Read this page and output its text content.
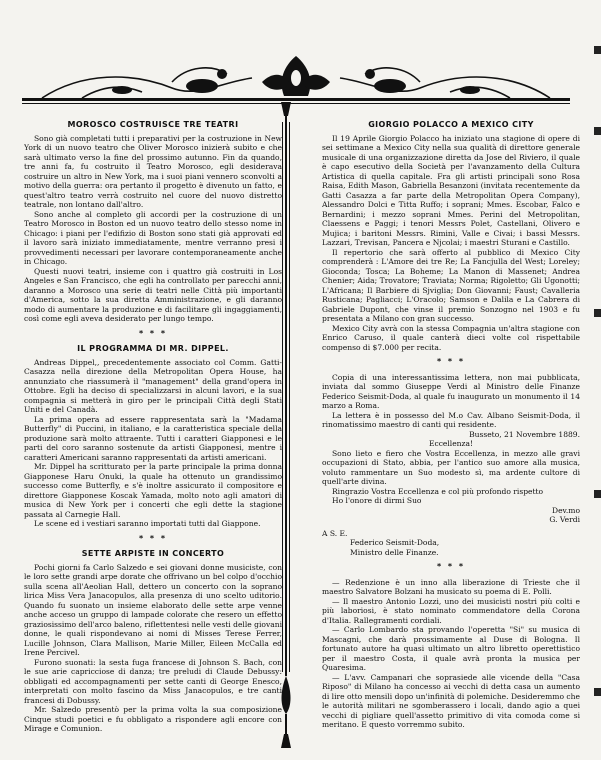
MOROSCO COSTRUISCE TRE TEATRI

Sono già completati tutti i preparativi per la costruzione in New York di un nuovo teatro che Oliver Morosco inizierà subito e che sarà ultimato verso la fine del prossimo autunno. Fin da quando, tre anni fa, fu costruito il Teatro Morosco, egli desiderava costruire un altro in New York, ma i suoi piani vennero sconvolti a motivo della guerra: ora pertanto il progetto è divenuto un fatto, e quest'altro teatro verrà costruito nel cuore del nuovo distretto teatrale, non lontano dall'altro.

Sono anche al completo gli accordi per la costruzione di un Teatro Morosco in Boston ed un nuovo teatro dello stesso nome in Chicago: i piani per l'edifizio di Boston sono stati già approvati ed il lavoro sarà iniziato immediatamente, mentre verranno presi i provvedimenti necessari per lavorare contemporaneamente anche in Chicago.

Questi nuovi teatri, insieme con i quattro già costruiti in Los Angeles e San Francisco, che egli ha controllato per parecchi anni, daranno a Morosco una serie di teatri nelle Città più importanti d'America, sotto la sua diretta Amministrazione, e gli daranno modo di aumentare la produzione e di facilitare gli ingaggiamenti, così come egli aveva desiderato per lungo tempo.

* * *
IL PROGRAMMA DI MR. DIPPEL.

Andreas Dippel,, precedentemente associato col Comm. Gatti-Casazza nella direzione della Metropolitan Opera House, ha annunziato che riassumerà il "management" della grand'opera in Ottobre. Egli ha deciso di specializzarsi in alcuni lavori, e la sua compagnia si metterà in giro per le principali Città degli Stati Uniti e del Canadà.

La prima opera ad essere rappresentata sarà la "Madama Butterfly" di Puccini, in italiano, e la caratteristica speciale della produzione sarà molto attraente. Tutti i caratteri Giapponesi e le parti del coro saranno sostenute da artisti Giapponesi, mentre i caratteri Americani saranno rappresentati da artisti americani.

Mr. Dippel ha scritturato per la parte principale la prima donna Giapponese Haru Onuki, la quale ha ottenuto un grandissimo successo come Butterfly, e s'è inoltre assicurato il compositore e direttore Giapponese Koscak Yamada, molto noto agli amatori di musica di New York per i concerti che egli dette la stagione passata al Carnegie Hall.

Le scene ed i vestiari saranno importati tutti dal Giappone.

* * *
SETTE ARPISTE IN CONCERTO

Pochi giorni fa Carlo Salzedo e sei giovani donne musiciste, con le loro sette grandi arpe dorate che offrivano un bel colpo d'occhio sulla scena all'Aeolian Hall, dettero un concerto con la soprano lirica Miss Vera Janacopulos, alla presenza di uno scelto uditorio. Quando fu suonato un insieme elaborato delle sette arpe venne anche acceso un gruppo di lampade colorate che resero un effetto graziosissimo dell'arco baleno, riflettentesi nelle vesti delle giovani donne, le quali rispondevano ai nomi di Misses Terese Ferrer, Lucille Johnson, Clara Mallison, Marie Miller, Eileen McCalla ed Irene Percivel.

Furono suonati: la sesta fuga francese di Johnson S. Bach, con le sue arie capricciose di danza; tre preludi di Claude Debussy: obbligati ed accompagnamenti per sette canti di George Enesco, interpretati con molto fascino da Miss Janacopulos, e tre canti francesi di Dobussy.

Mr. Salzedo presentò per la prima volta la sua composizione Cinque studi poetici e fu obbligato a rispondere agli encore con Mirage e Comunion.

GIORGIO POLACCO A MEXICO CITY

Il 19 Aprile Giorgio Polacco ha iniziato una stagione di opere di sei settimane a Mexico City nella sua qualità di direttore generale musicale di una organizzazione diretta da Jose del Riviero, il quale è capo esecutivo della Società per l'avanzamento della Cultura Artistica di quella capitale. Fra gli artisti principali sono Rosa Raisa, Edith Mason, Gabriella Besanzoni (invitata recentemente da Gatti Casazza a far parte della Metropolitan Opera Company), Alessandro Dolci e Titta Ruffo; i soprani; Mmes. Escobar, Falco e Bernardini; i mezzo soprani Mmes. Perini del Metropolitan, Claessens e Paggi; i tenori Messrs Polet, Castellani, Olivero e Mujica; i baritoni Messrs. Rimini, Valle e Civai; i bassi Messrs. Lazzari, Trevisan, Pancera e Njcolai; i maestri Sturani e Castillo.

Il repertorio che sarà offerto al pubblico di Mexico City comprenderà : L'Amore dei tre Re; La Fancjulla del West; Loreley; Gioconda; Tosca; La Boheme; La Manon di Massenet; Andrea Chenier; Aida; Trovatore; Traviata; Norma; Rigoletto; Gli Ugonotti; L'Africana; Il Barbiere di Sjviglia; Don Giovanni; Faust; Cavalleria Rusticana; Pagliacci; L'Oracolo; Samson e Dalila e La Cabrera di Gabriele Dupont, che vinse il premio Sonzogno nel 1903 e fu presentata a Milano con gran successo.

Mexico City avrà con la stessa Compagnia un'altra stagione con Enrico Caruso, il quale canterà dieci volte col rispettabile compenso di $7.000 per recita.

* * *

Copia di una interessantissima lettera, non mai pubblicata, inviata dal sommo Giuseppe Verdi al Ministro delle Finanze Federico Seismit-Doda, al quale fu inaugurato un monumento il 14 marzo a Roma.

La lettera è in possesso del M.o Cav. Albano Seismit-Doda, il rinomatissimo maestro di canti qui residente.

Busseto, 21 Novembre 1889.
Eccellenza!

Sono lieto e fiero che Vostra Eccellenza, in mezzo alle gravi occupazioni di Stato, abbia, per l'antico suo amore alla musica, voluto rammentare un Suo modesto sì, ma ardente cultore di quell'arte divina.

Ringrazio Vostra Eccellenza e col più profondo rispetto

Ho l'onore di dirmi Suo

Dev.mo
G. Verdi
A S. E.
Federico Seismit-Doda,
Ministro delle Finanze.
* * *

— Redenzione è un inno alla liberazione di Trieste che il maestro Salvatore Bolzani ha musicato su poema di E. Polli.

— Il maestro Antonio Lozzi, uno dei musicisti nostri più colti e più laboriosi, è stato nominato commendatore della Corona d'Italia. Rallegramenti cordiali.

— Carlo Lombardo sta provando l'operetta "Si" su musica di Mascagni, che darà prossimamente al Duse di Bologna. Il fortunato autore ha quasi ultimato un altro libretto operettistico per il maestro Costa, il quale avrà pronta la musica per Quaresima.

— L'avv. Campanari che soprasiede alle vicende della "Casa Riposo" di Milano ha concesso ai vecchi di detta casa un aumento di lire otto mensili dopo un'infinità di polemiche. Desideremmo che le autorità militari ne sgomberassero i locali, dando agio a quei vecchi di pigliare quell'assetto primitivo di vita comoda come si meritano. E questo vorremmo subito.
